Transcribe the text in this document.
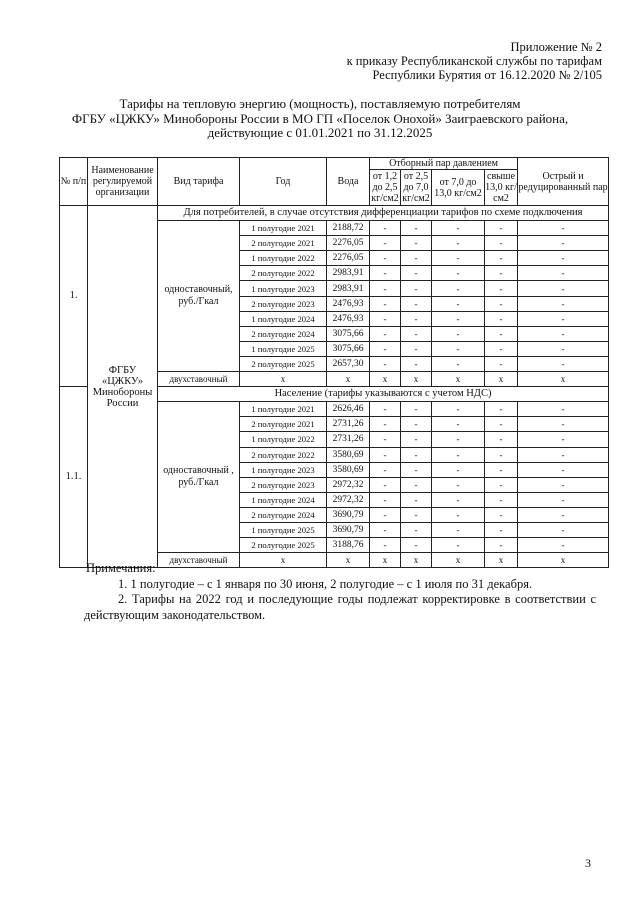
Приложение № 2
к приказу Республиканской службы по тарифам
Республики Бурятия от 16.12.2020 № 2/105
Тарифы на тепловую энергию (мощность), поставляемую потребителям
ФГБУ «ЦЖКУ» Минобороны России в МО ГП «Поселок Онохой» Заиграевского района,
действующие с 01.01.2021 по 31.12.2025
№ п/п	Наименование регулируемой организации	Вид тарифа	Год	Вода	Отборный пар давлением				Острый и редуцированный пар
					от 1,2 до 2,5 кг/см2	от 2,5 до 7,0 кг/см2	от 7,0 до 13,0 кг/см2	свыше 13,0 кг/см2	
1.	ФГБУ «ЦЖКУ» Минобороны России	Для потребителей, в случае отсутствия дифференциации тарифов по схеме подключения							
		одноставочный, руб./Гкал	1 полугодие 2021	2188,72	-	-	-	-	-
			2 полугодие 2021	2276,05	-	-	-	-	-
			1 полугодие 2022	2276,05	-	-	-	-	-
			2 полугодие 2022	2983,91	-	-	-	-	-
			1 полугодие 2023	2983,91	-	-	-	-	-
			2 полугодие 2023	2476,93	-	-	-	-	-
			1 полугодие 2024	2476,93	-	-	-	-	-
			2 полугодие 2024	3075,66	-	-	-	-	-
			1 полугодие 2025	3075,66	-	-	-	-	-
			2 полугодие 2025	2657,30	-	-	-	-	-
		двухставочный	х	х	х	х	х	х	х
1.1.		Население (тарифы указываются с учетом НДС)							
		одноставочный , руб./Гкал	1 полугодие 2021	2626,46	-	-	-	-	-
			2 полугодие 2021	2731,26	-	-	-	-	-
			1 полугодие 2022	2731,26	-	-	-	-	-
			2 полугодие 2022	3580,69	-	-	-	-	-
			1 полугодие 2023	3580,69	-	-	-	-	-
			2 полугодие 2023	2972,32	-	-	-	-	-
			1 полугодие 2024	2972,32	-	-	-	-	-
			2 полугодие 2024	3690,79	-	-	-	-	-
			1 полугодие 2025	3690,79	-	-	-	-	-
			2 полугодие 2025	3188,76	-	-	-	-	-
		двухставочный	х	х	х	х	х	х	х
Примечания:
1. 1 полугодие – с 1 января по 30 июня, 2 полугодие – с 1 июля по 31 декабря.
2. Тарифы на 2022 год и последующие годы подлежат корректировке в соответствии с действующим законодательством.
3
